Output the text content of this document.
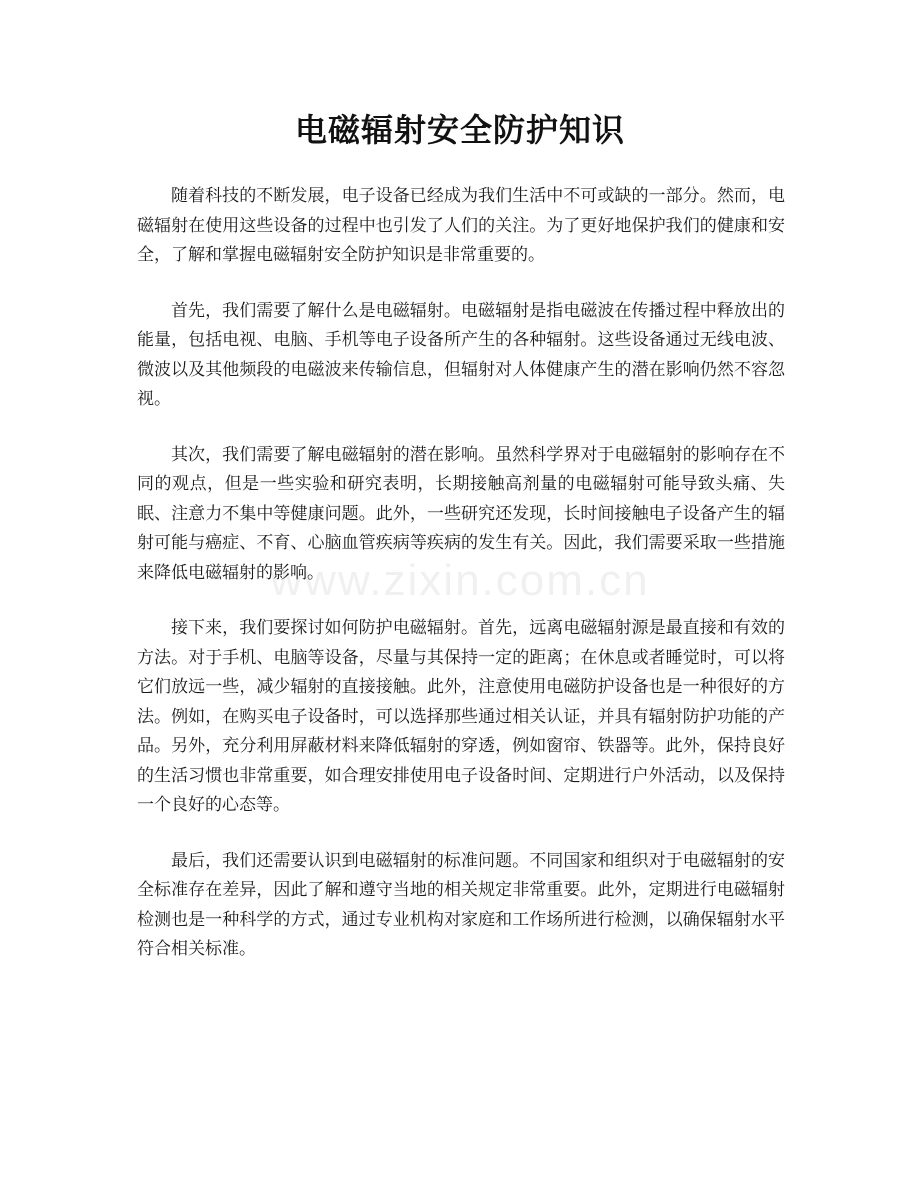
电磁辐射安全防护知识

随着科技的不断发展，电子设备已经成为我们生活中不可或缺的一部分。然而，电磁辐射在使用这些设备的过程中也引发了人们的关注。为了更好地保护我们的健康和安全，了解和掌握电磁辐射安全防护知识是非常重要的。

首先，我们需要了解什么是电磁辐射。电磁辐射是指电磁波在传播过程中释放出的能量，包括电视、电脑、手机等电子设备所产生的各种辐射。这些设备通过无线电波、微波以及其他频段的电磁波来传输信息，但辐射对人体健康产生的潜在影响仍然不容忽视。

其次，我们需要了解电磁辐射的潜在影响。虽然科学界对于电磁辐射的影响存在不同的观点，但是一些实验和研究表明，长期接触高剂量的电磁辐射可能导致头痛、失眠、注意力不集中等健康问题。此外，一些研究还发现，长时间接触电子设备产生的辐射可能与癌症、不育、心脑血管疾病等疾病的发生有关。因此，我们需要采取一些措施来降低电磁辐射的影响。

接下来，我们要探讨如何防护电磁辐射。首先，远离电磁辐射源是最直接和有效的方法。对于手机、电脑等设备，尽量与其保持一定的距离；在休息或者睡觉时，可以将它们放远一些，减少辐射的直接接触。此外，注意使用电磁防护设备也是一种很好的方法。例如，在购买电子设备时，可以选择那些通过相关认证，并具有辐射防护功能的产品。另外，充分利用屏蔽材料来降低辐射的穿透，例如窗帘、铁器等。此外，保持良好的生活习惯也非常重要，如合理安排使用电子设备时间、定期进行户外活动，以及保持一个良好的心态等。

最后，我们还需要认识到电磁辐射的标准问题。不同国家和组织对于电磁辐射的安全标准存在差异，因此了解和遵守当地的相关规定非常重要。此外，定期进行电磁辐射检测也是一种科学的方式，通过专业机构对家庭和工作场所进行检测，以确保辐射水平符合相关标准。

www.zixin.com.cn
